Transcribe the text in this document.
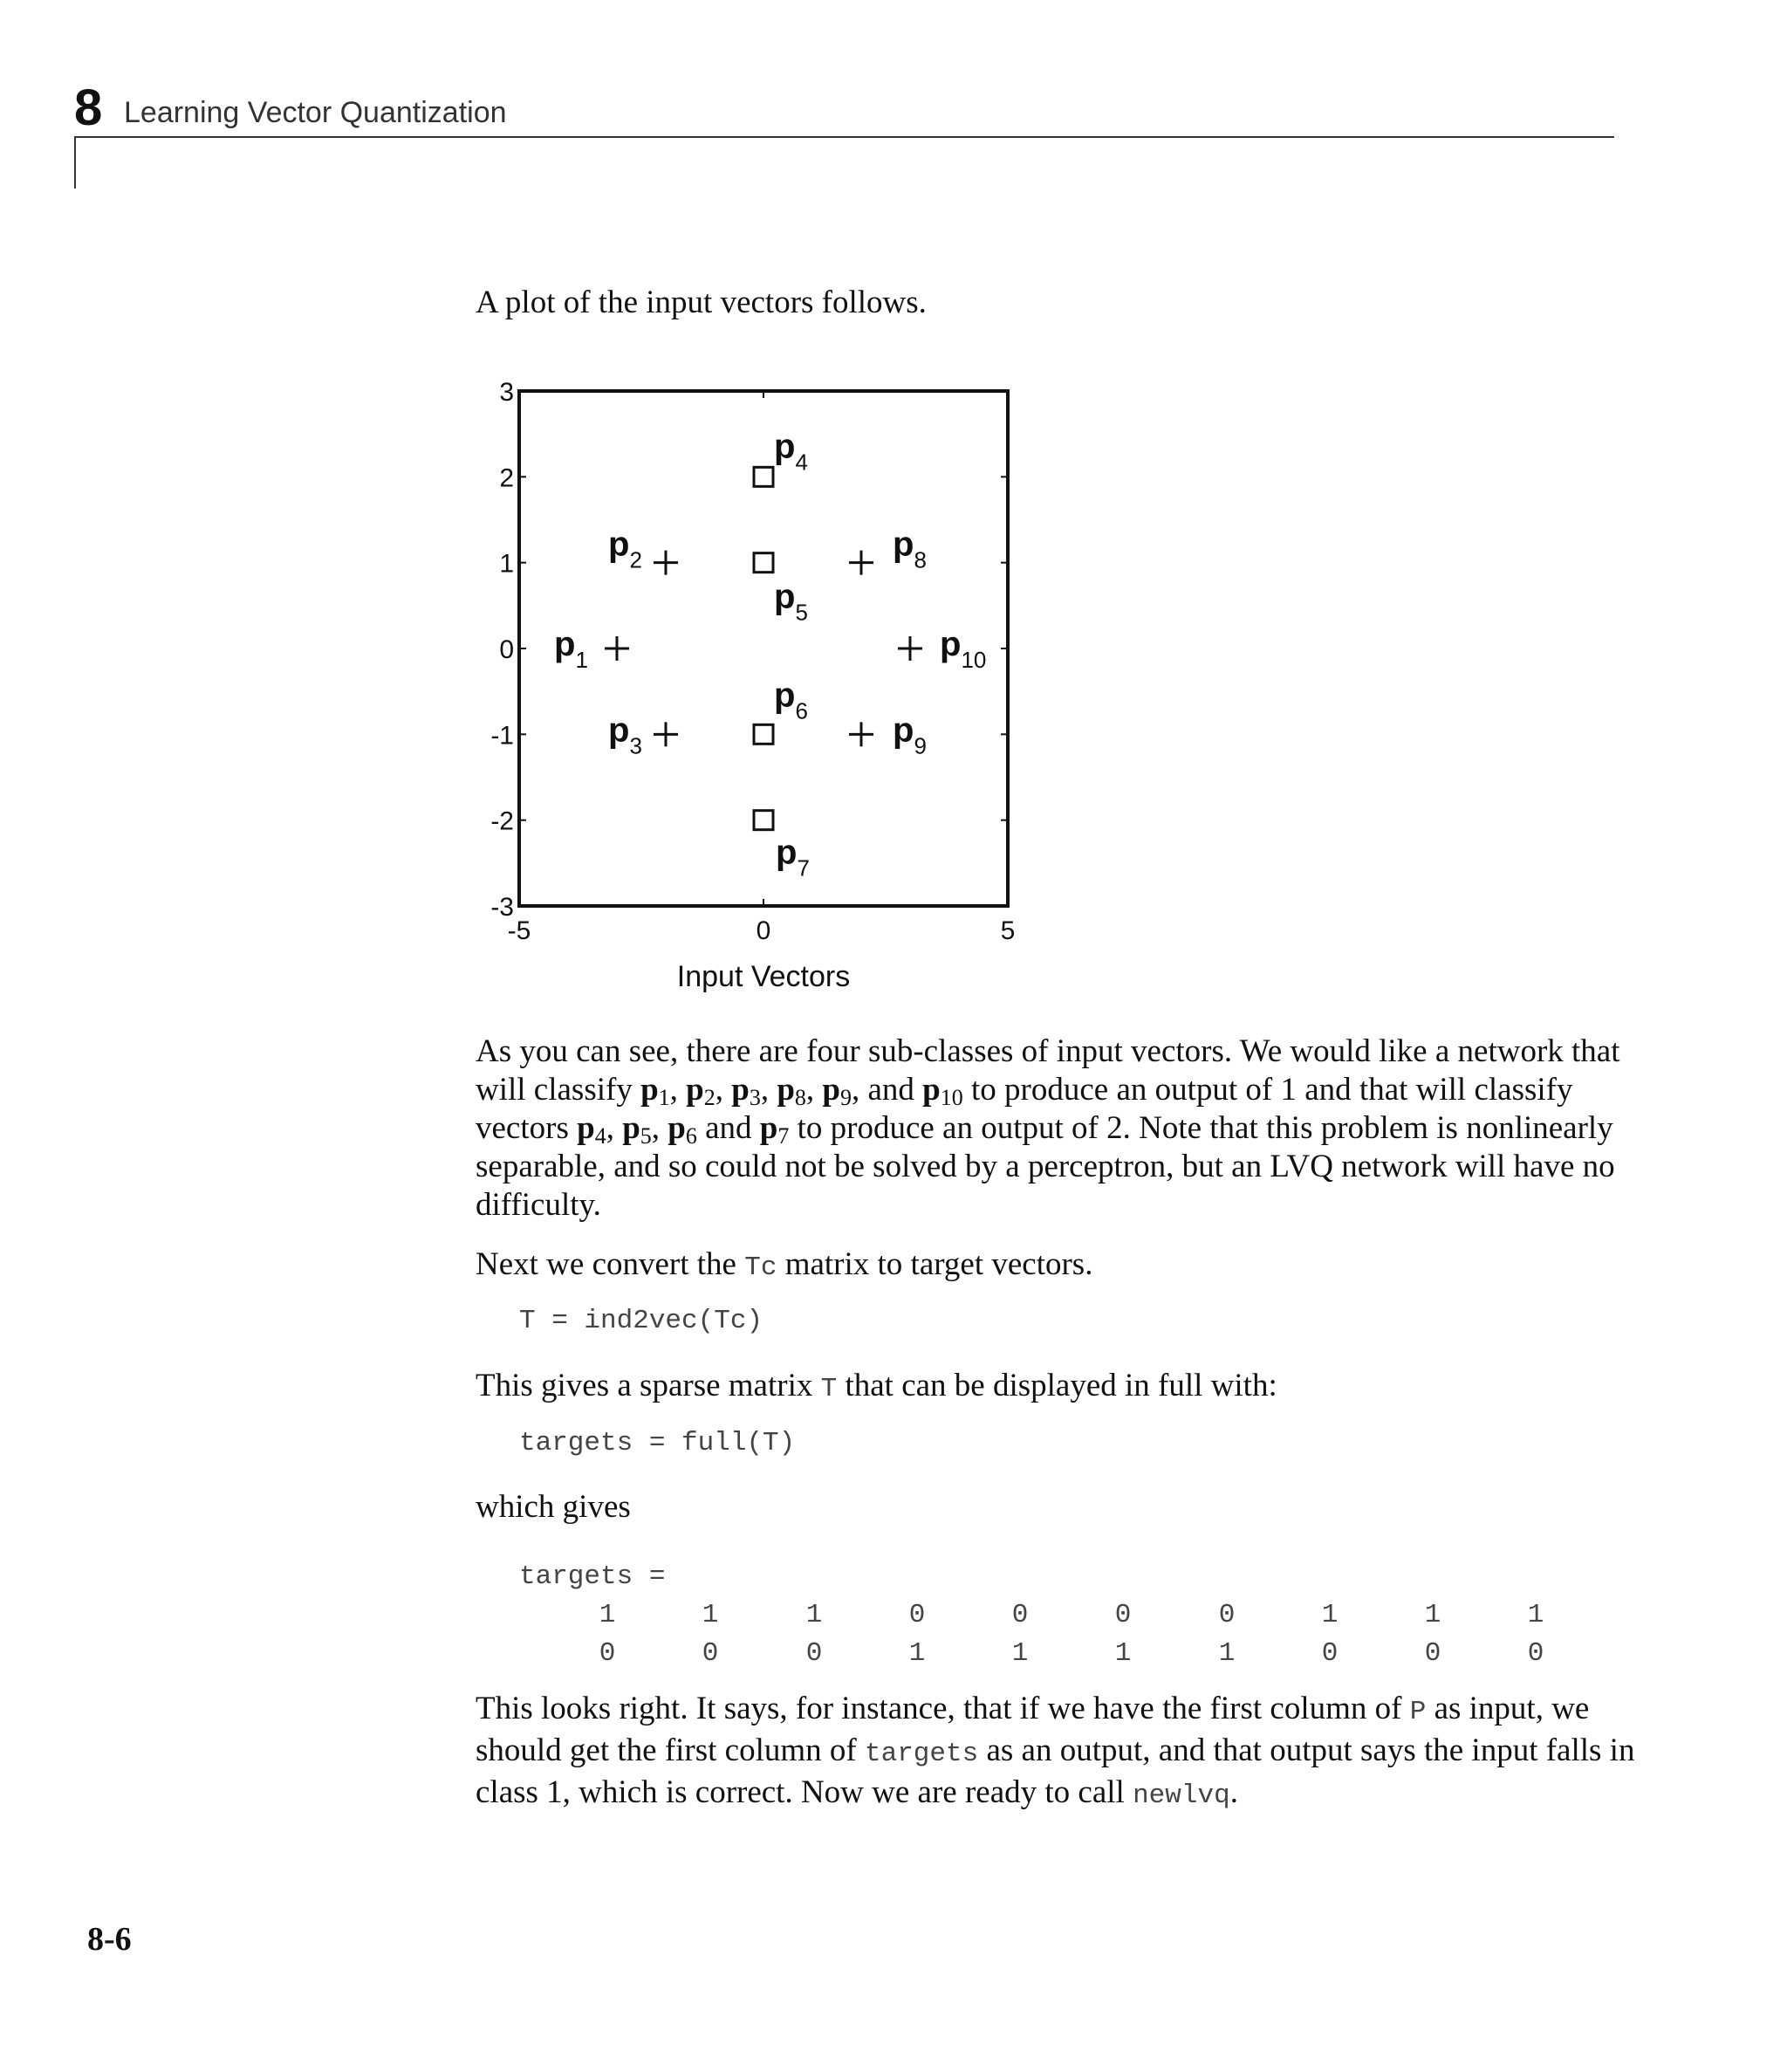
8 Learning Vector Quantization

A plot of the input vectors follows.

3
2
1
0
-1
-2
-3
-5	0	5
Input Vectors
$p_1$
$p_2$
$p_3$
$p_8$
$p_9$
$p_{10}$
$p_4$
$p_5$
$p_6$
$p_7$

As you can see, there are four sub-classes of input vectors. We would like a network that will classify $p_1$, $p_2$, $p_3$, $p_8$, $p_9$, and $p_{10}$ to produce an output of 1 and that will classify vectors $p_4$, $p_5$, $p_6$ and $p_7$ to produce an output of 2. Note that this problem is nonlinearly separable, and so could not be solved by a perceptron, but an LVQ network will have no difficulty.

Next we convert the Tc matrix to target vectors.

T = ind2vec(Tc)

This gives a sparse matrix T that can be displayed in full with:

targets = full(T)

which gives

targets =
1	1	1	0	0	0	0	1	1	1
0	0	0	1	1	1	1	0	0	0

This looks right. It says, for instance, that if we have the first column of P as input, we should get the first column of targets as an output, and that output says the input falls in class 1, which is correct. Now we are ready to call newlvq.

8-6
